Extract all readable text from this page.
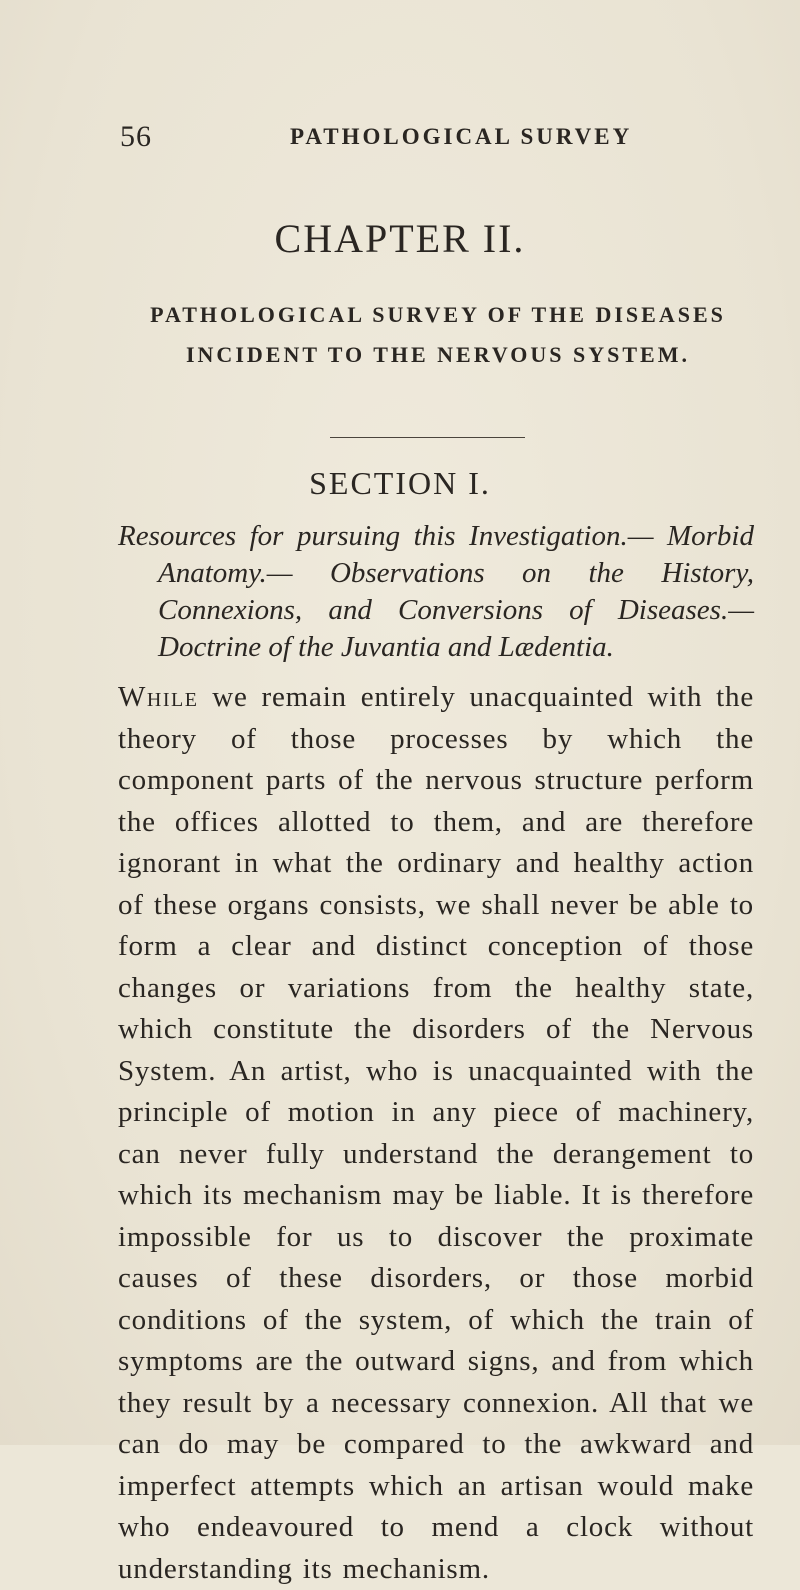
56	PATHOLOGICAL SURVEY
CHAPTER II.
PATHOLOGICAL SURVEY OF THE DISEASES INCIDENT TO THE NERVOUS SYSTEM.
SECTION I.
Resources for pursuing this Investigation.— Morbid Anatomy.— Observations on the History, Connexions, and Conversions of Diseases.— Doctrine of the Juvantia and Lædentia.

While we remain entirely unacquainted with the theory of those processes by which the component parts of the nervous structure perform the offices allotted to them, and are therefore ignorant in what the ordinary and healthy action of these organs consists, we shall never be able to form a clear and distinct conception of those changes or variations from the healthy state, which constitute the disorders of the Nervous System. An artist, who is unacquainted with the principle of motion in any piece of machinery, can never fully understand the derangement to which its mechanism may be liable. It is therefore impossible for us to discover the proximate causes of these disorders, or those morbid conditions of the system, of which the train of symptoms are the outward signs, and from which they result by a necessary connexion. All that we can do may be compared to the awkward and imperfect attempts which an artisan would make who endeavoured to mend a clock without understanding its mechanism.
